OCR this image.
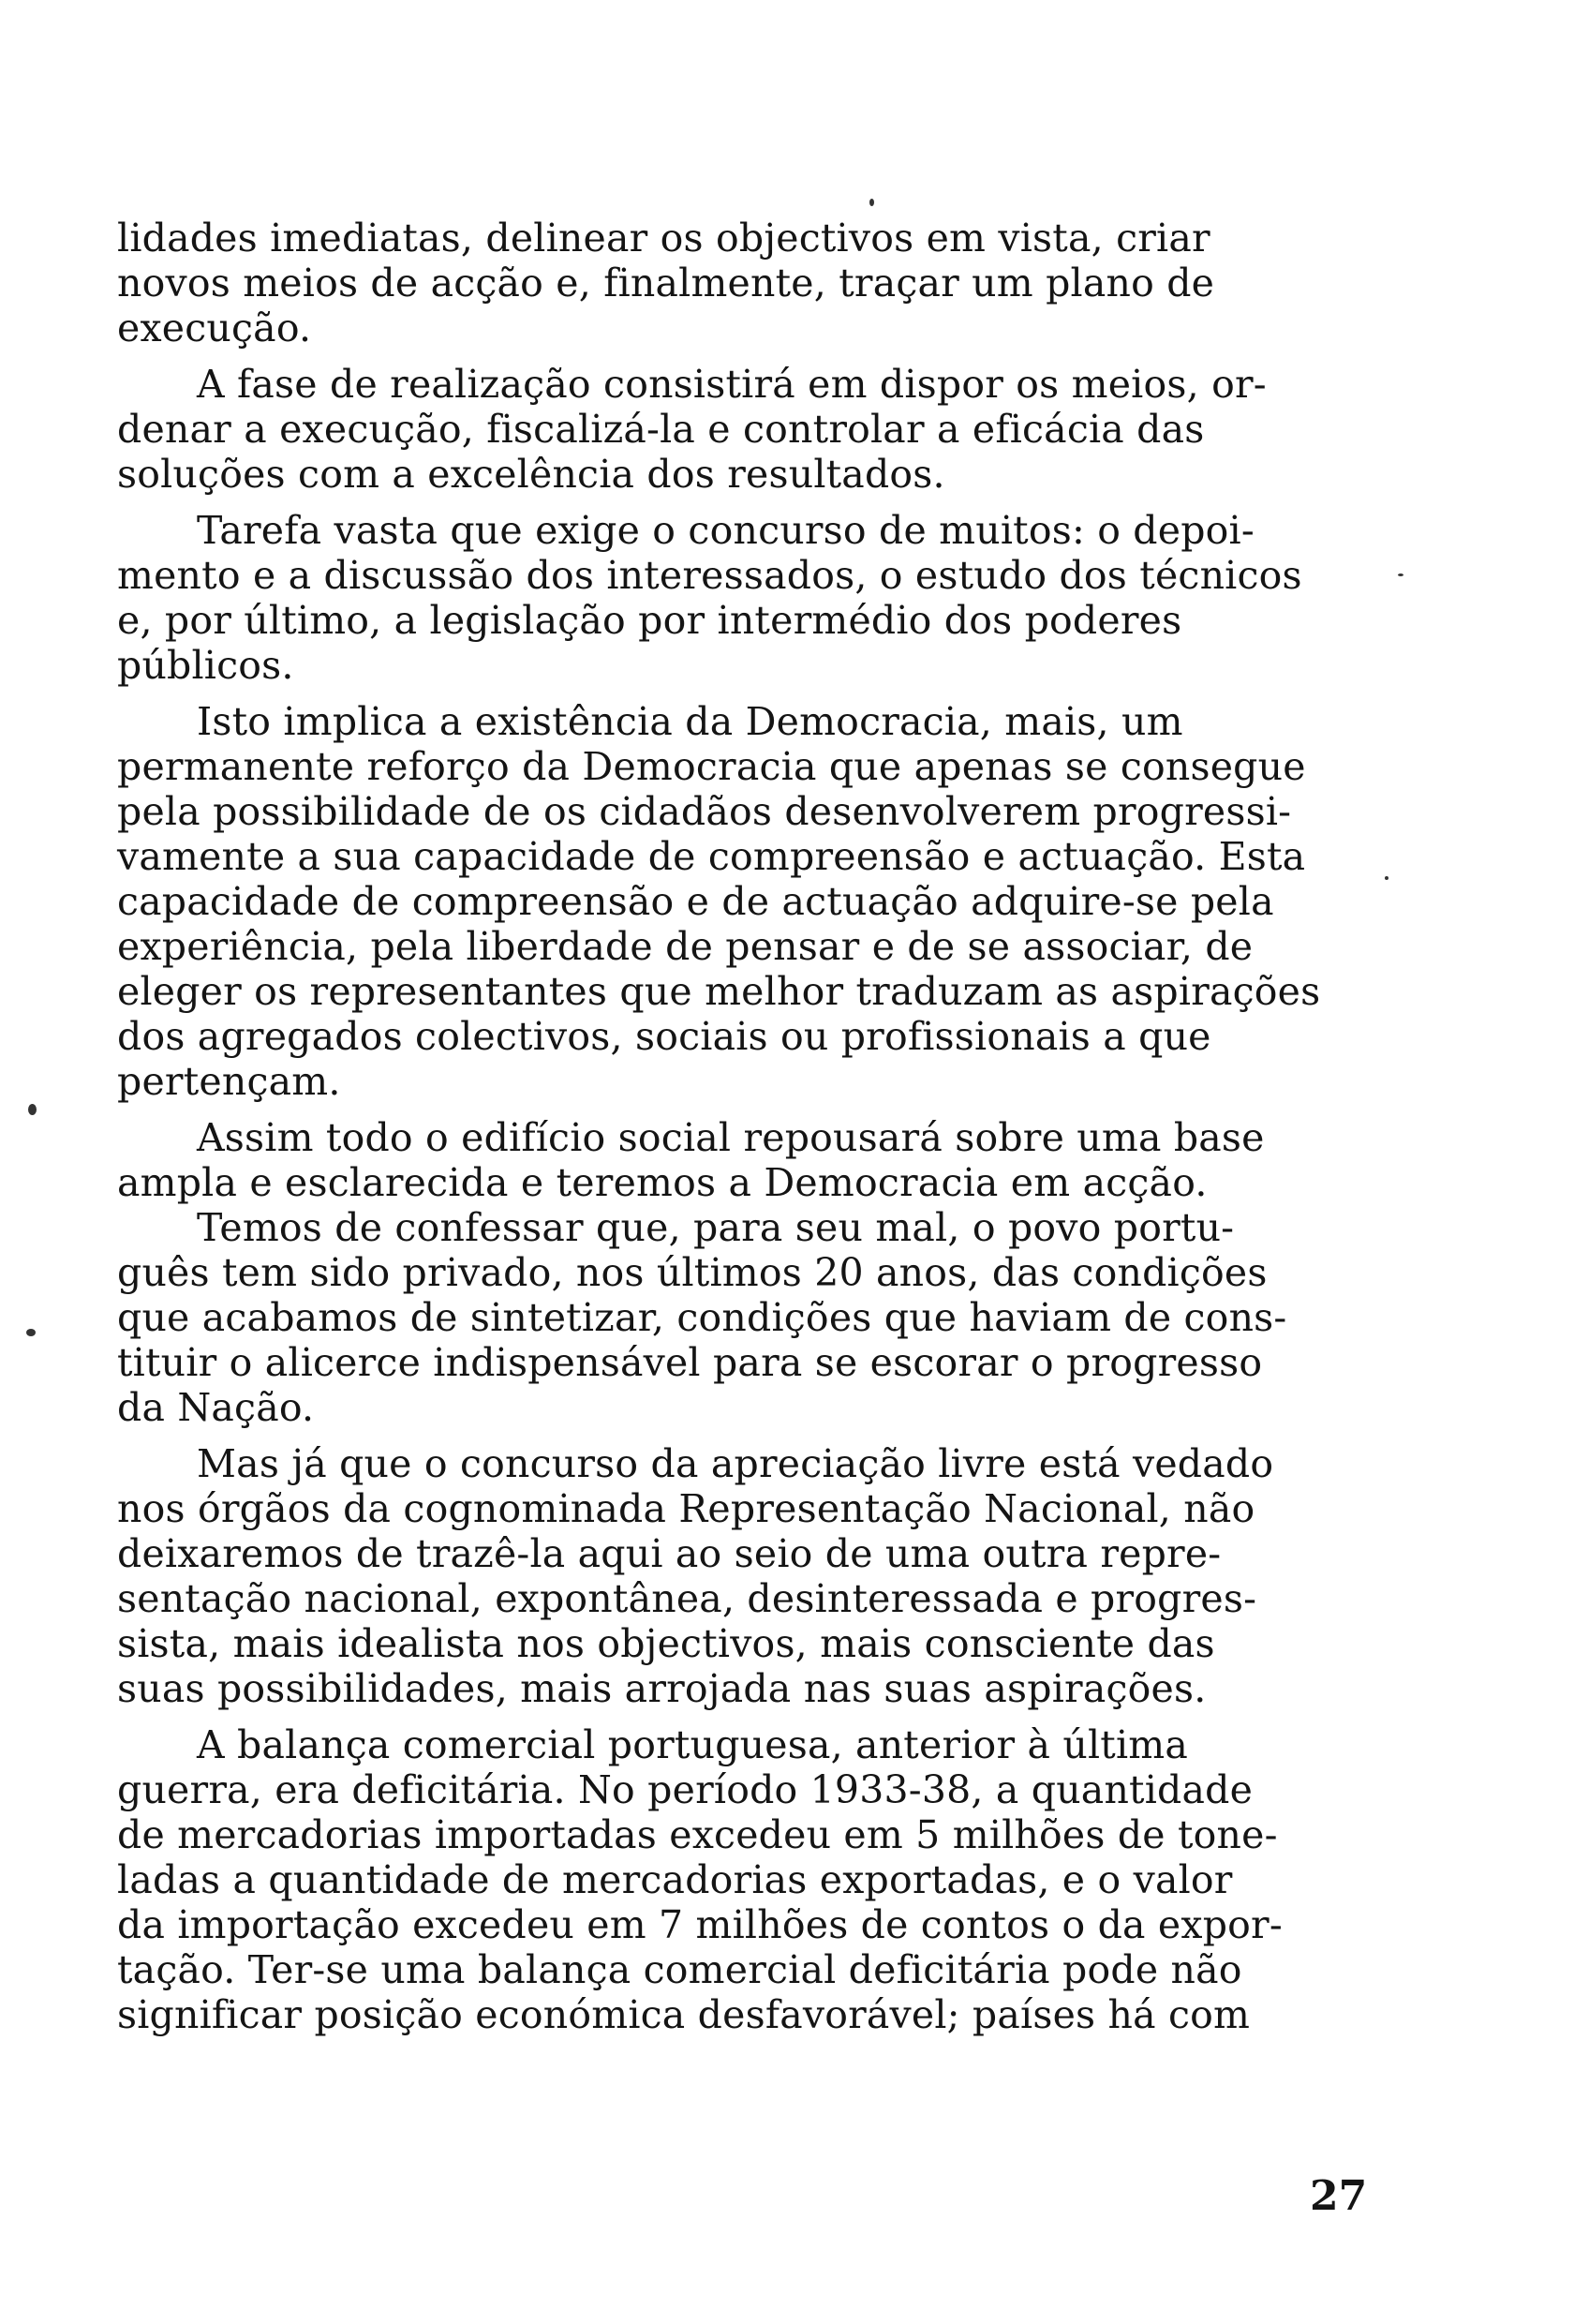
lidades imediatas, delinear os objectivos em vista, criar
novos meios de acção e, finalmente, traçar um plano de
execução.
A fase de realização consistirá em dispor os meios, or-
denar a execução, fiscalizá-la e controlar a eficácia das
soluções com a excelência dos resultados.
Tarefa vasta que exige o concurso de muitos: o depoi-
mento e a discussão dos interessados, o estudo dos técnicos
e, por último, a legislação por intermédio dos poderes
públicos.
Isto implica a existência da Democracia, mais, um
permanente reforço da Democracia que apenas se consegue
pela possibilidade de os cidadãos desenvolverem progressi-
vamente a sua capacidade de compreensão e actuação. Esta
capacidade de compreensão e de actuação adquire-se pela
experiência, pela liberdade de pensar e de se associar, de
eleger os representantes que melhor traduzam as aspirações
dos agregados colectivos, sociais ou profissionais a que
pertençam.
Assim todo o edifício social repousará sobre uma base
ampla e esclarecida e teremos a Democracia em acção.
Temos de confessar que, para seu mal, o povo portu-
guês tem sido privado, nos últimos 20 anos, das condições
que acabamos de sintetizar, condições que haviam de cons-
tituir o alicerce indispensável para se escorar o progresso
da Nação.
Mas já que o concurso da apreciação livre está vedado
nos órgãos da cognominada Representação Nacional, não
deixaremos de trazê-la aqui ao seio de uma outra repre-
sentação nacional, expontânea, desinteressada e progres-
sista, mais idealista nos objectivos, mais consciente das
suas possibilidades, mais arrojada nas suas aspirações.
A balança comercial portuguesa, anterior à última
guerra, era deficitária. No período 1933-38, a quantidade
de mercadorias importadas excedeu em 5 milhões de tone-
ladas a quantidade de mercadorias exportadas, e o valor
da importação excedeu em 7 milhões de contos o da expor-
tação. Ter-se uma balança comercial deficitária pode não
significar posição económica desfavorável; países há com
27
